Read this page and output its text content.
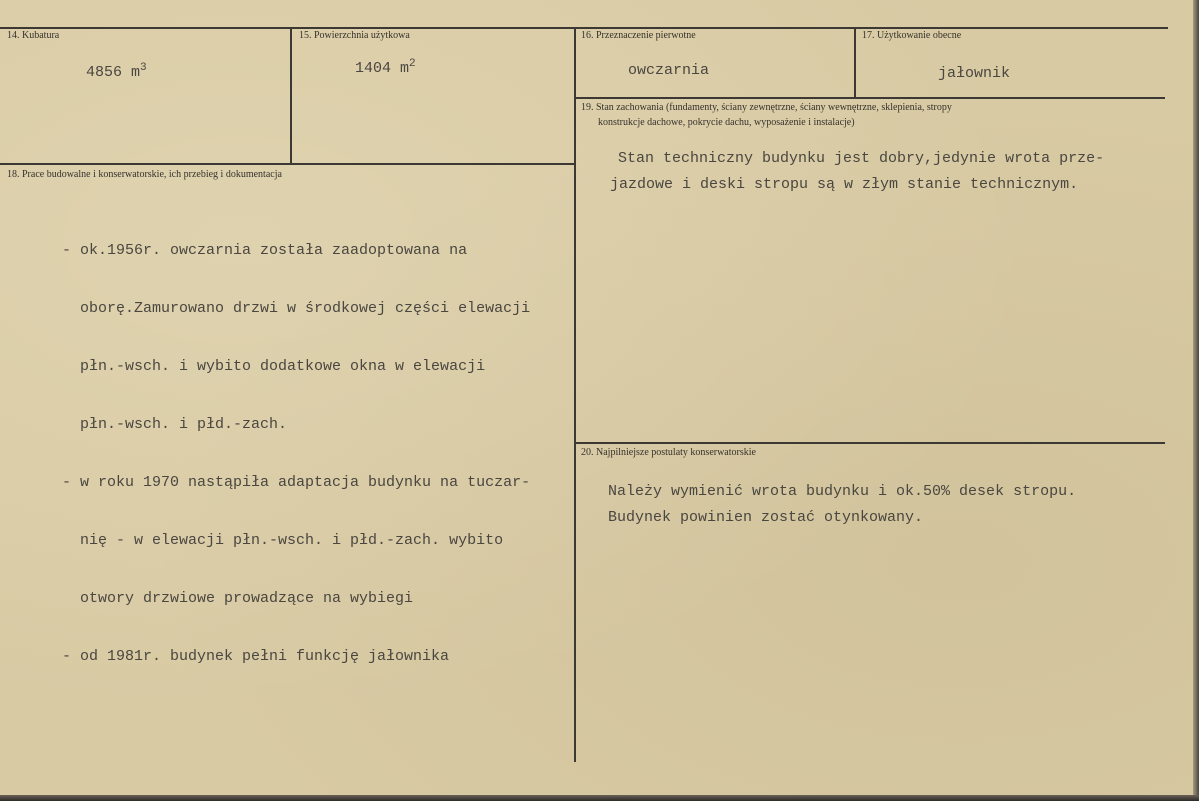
14. Kubatura
4856 $m^3$
15. Powierzchnia użytkowa
1404 $m^2$
16. Przeznaczenie pierwotne
owczarnia
17. Użytkowanie obecne
jałownik
19. Stan zachowania (fundamenty, ściany zewnętrzne, ściany wewnętrzne, sklepienia, stropy
konstrukcje dachowe, pokrycie dachu, wyposażenie i instalacje)
Stan techniczny budynku jest dobry,jedynie wrota prze-
jazdowe i deski stropu są w złym stanie technicznym.
18. Prace budowalne i konserwatorskie, ich przebieg i dokumentacja

- ok.1956r. owczarnia została zaadoptowana na

oborę.Zamurowano drzwi w środkowej części elewacji

płn.-wsch. i wybito dodatkowe okna w elewacji

płn.-wsch. i płd.-zach.

- w roku 1970 nastąpiła adaptacja budynku na tuczar-

nię - w elewacji płn.-wsch. i płd.-zach. wybito

otwory drzwiowe prowadzące na wybiegi

- od 1981r. budynek pełni funkcję jałownika

20. Najpilniejsze postulaty konserwatorskie
Należy wymienić wrota budynku i ok.50% desek stropu.
Budynek powinien zostać otynkowany.
